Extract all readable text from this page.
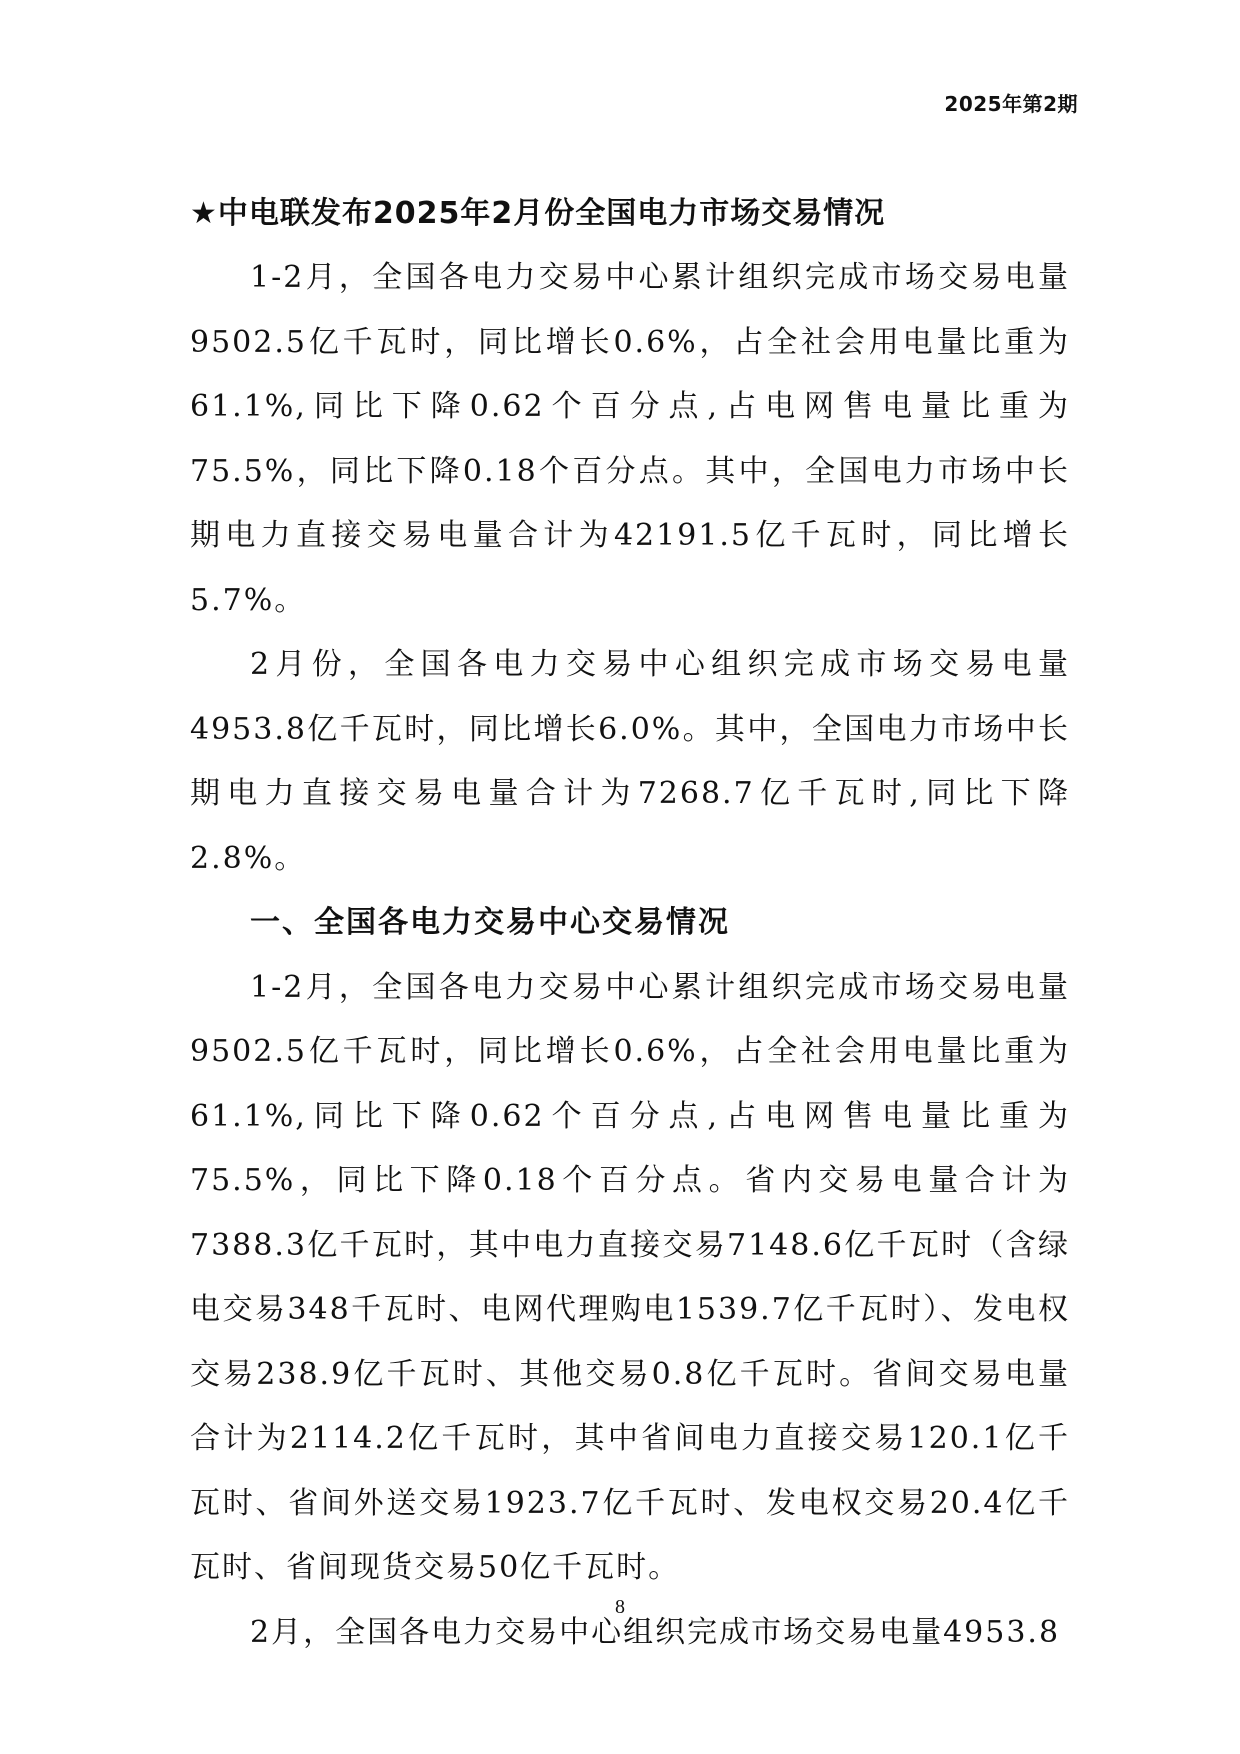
2025年第2期
★中电联发布2025年2月份全国电力市场交易情况

1-2月，全国各电力交易中心累计组织完成市场交易电量9502.5亿千瓦时，同比增长0.6%，占全社会用电量比重为61.1%,同比下降0.62个百分点,占电网售电量比重为75.5%，同比下降0.18个百分点。其中，全国电力市场中长期电力直接交易电量合计为42191.5亿千瓦时，同比增长5.7%。

2月份，全国各电力交易中心组织完成市场交易电量4953.8亿千瓦时，同比增长6.0%。其中，全国电力市场中长期电力直接交易电量合计为7268.7亿千瓦时,同比下降2.8%。

一、全国各电力交易中心交易情况

1-2月，全国各电力交易中心累计组织完成市场交易电量9502.5亿千瓦时，同比增长0.6%，占全社会用电量比重为61.1%,同比下降0.62个百分点,占电网售电量比重为75.5%，同比下降0.18个百分点。省内交易电量合计为7388.3亿千瓦时，其中电力直接交易7148.6亿千瓦时（含绿电交易348千瓦时、电网代理购电1539.7亿千瓦时）、发电权交易238.9亿千瓦时、其他交易0.8亿千瓦时。省间交易电量合计为2114.2亿千瓦时，其中省间电力直接交易120.1亿千瓦时、省间外送交易1923.7亿千瓦时、发电权交易20.4亿千瓦时、省间现货交易50亿千瓦时。

2月，全国各电力交易中心组织完成市场交易电量4953.8

8
